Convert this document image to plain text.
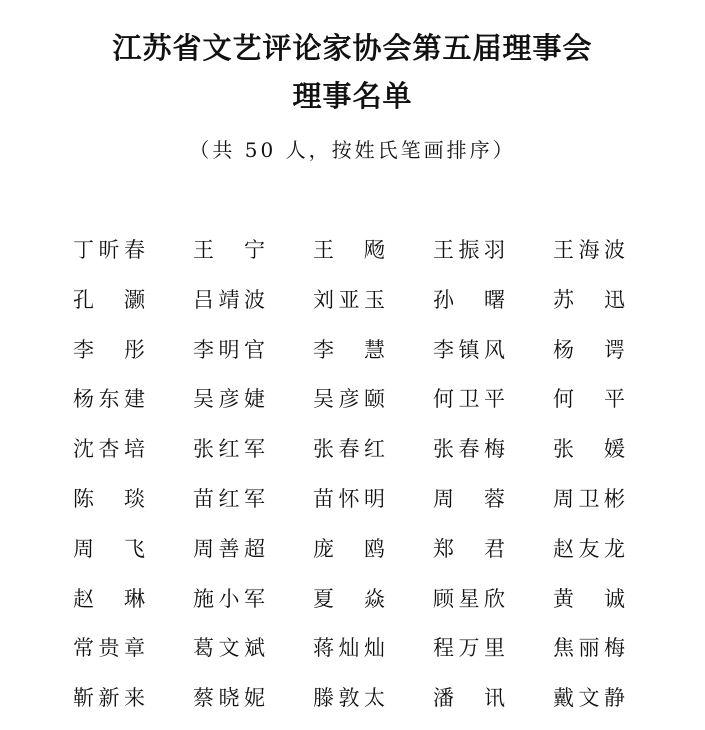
江苏省文艺评论家协会第五届理事会
理事名单

（共 50 人，按姓氏笔画排序）

丁 昕 春 王 宁 王 飏 王 振 羽 王 海 波
孔 灏 吕 靖 波 刘 亚 玉 孙 曙 苏 迅
李 彤 李 明 官 李 慧 李 镇 风 杨 谔
杨 东 建 吴 彦 婕 吴 彦 颐 何 卫 平 何 平
沈 杏 培 张 红 军 张 春 红 张 春 梅 张 媛
陈 琰 苗 红 军 苗 怀 明 周 蓉 周 卫 彬
周 飞 周 善 超 庞 鸥 郑 君 赵 友 龙
赵 琳 施 小 军 夏 焱 顾 星 欣 黄 诚
常 贵 章 葛 文 斌 蒋 灿 灿 程 万 里 焦 丽 梅
靳 新 来 蔡 晓 妮 滕 敦 太 潘 讯 戴 文 静
